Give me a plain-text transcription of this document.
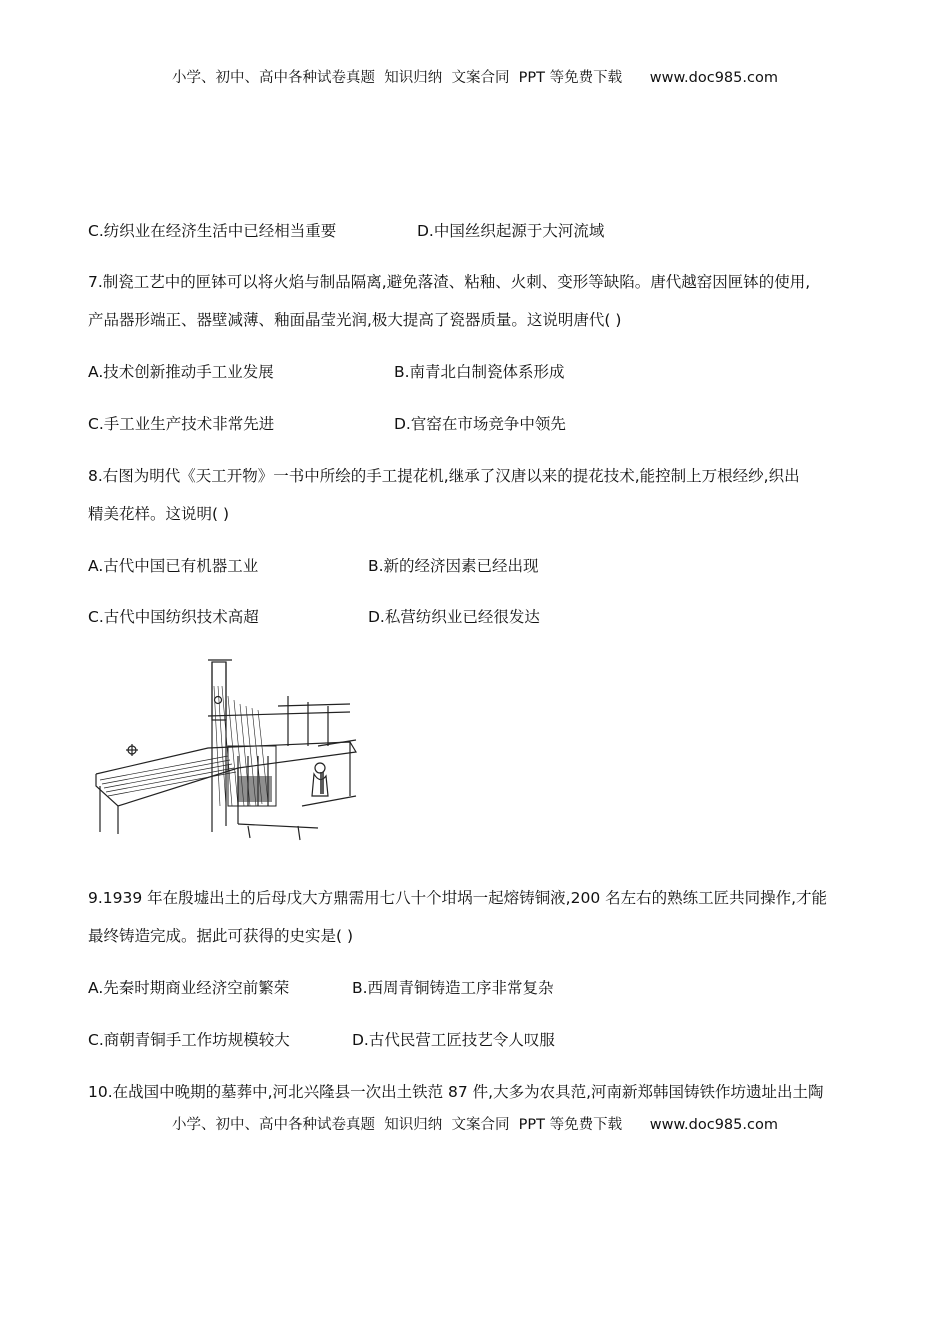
小学、初中、高中各种试卷真题  知识归纳  文案合同  PPT 等免费下载      www.doc985.com
C.纺织业在经济生活中已经相当重要	D.中国丝织起源于大河流域
7.制瓷工艺中的匣钵可以将火焰与制品隔离,避免落渣、粘釉、火刺、变形等缺陷。唐代越窑因匣钵的使用,
产品器形端正、器壁减薄、釉面晶莹光润,极大提高了瓷器质量。这说明唐代( )
A.技术创新推动手工业发展	B.南青北白制瓷体系形成
C.手工业生产技术非常先进	D.官窑在市场竞争中领先
8.右图为明代《天工开物》一书中所绘的手工提花机,继承了汉唐以来的提花技术,能控制上万根经纱,织出
精美花样。这说明( )
A.古代中国已有机器工业	B.新的经济因素已经出现
C.古代中国纺织技术高超	D.私营纺织业已经很发达
9.1939 年在殷墟出土的后母戊大方鼎需用七八十个坩埚一起熔铸铜液,200 名左右的熟练工匠共同操作,才能
最终铸造完成。据此可获得的史实是( )
A.先秦时期商业经济空前繁荣	B.西周青铜铸造工序非常复杂
C.商朝青铜手工作坊规模较大	D.古代民营工匠技艺令人叹服
10.在战国中晚期的墓葬中,河北兴隆县一次出土铁范 87 件,大多为农具范,河南新郑韩国铸铁作坊遗址出土陶
小学、初中、高中各种试卷真题  知识归纳  文案合同  PPT 等免费下载      www.doc985.com
